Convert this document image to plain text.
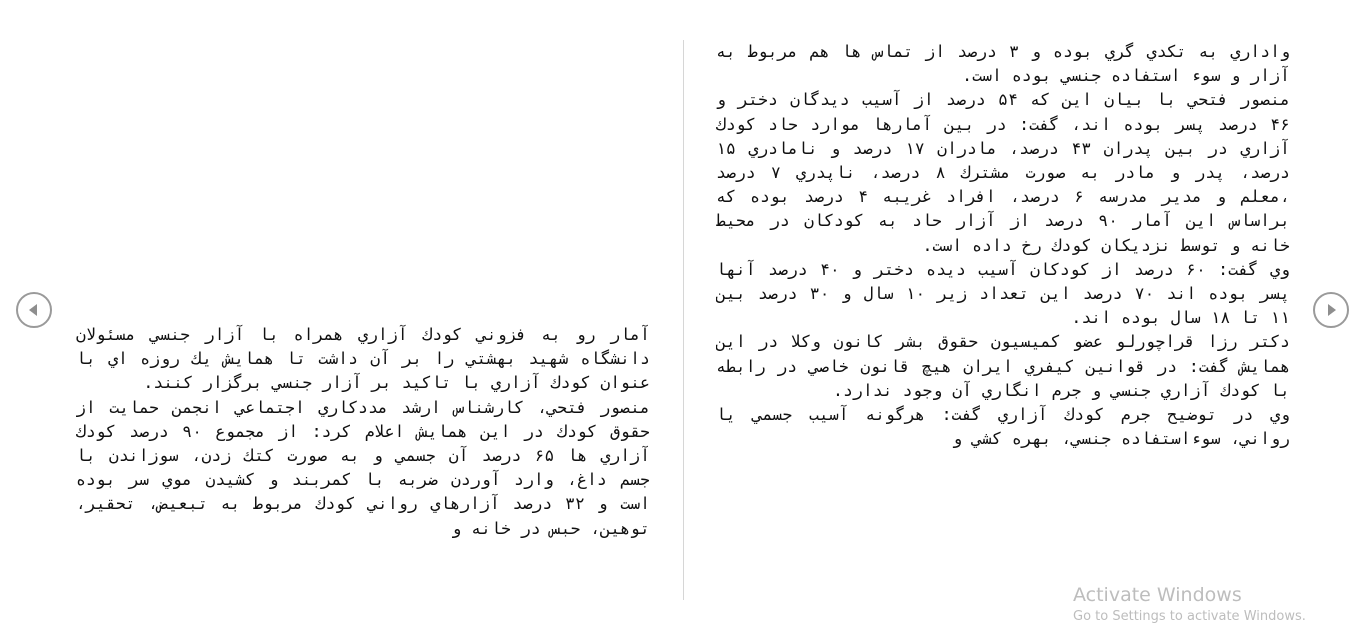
آمار رو به فزوني كودك آزاري همراه با آزار جنسي مسئولان دانشگاه شهيد بهشتي را بر آن داشت تا همايش يك روزه اي با عنوان كودك آزاري با تاكيد بر آزار جنسي برگزار كنند.

منصور فتحي، كارشناس ارشد مددكاري اجتماعي انجمن حمايت از حقوق كودك در اين همايش اعلام كرد: از مجموع ۹۰ درصد كودك آزاري ها ۶۵ درصد آن جسمي و به صورت كتك زدن، سوزاندن با جسم داغ، وارد آوردن ضربه با كمربند و كشيدن موي سر بوده است و ۳۲ درصد آزارهاي رواني كودك مربوط به تبعيض، تحقير، توهين، حبس در خانه و

واداري به تكدي گري بوده و ۳ درصد از تماس ها هم مربوط به آزار و سوء استفاده جنسي بوده است.

منصور فتحي با بيان اين كه ۵۴ درصد از آسيب ديدگان دختر و ۴۶ درصد پسر بوده اند، گفت: در بين آمارها موارد حاد كودك آزاري در بين پدران ۴۳ درصد، مادران ۱۷ درصد و نامادري ۱۵ درصد، پدر و مادر به صورت مشترك ۸ درصد، ناپدري ۷ درصد ،معلم و مدير مدرسه ۶ درصد، افراد غريبه ۴ درصد بوده كه براساس اين آمار ۹۰ درصد از آزار حاد به كودكان در محيط خانه و توسط نزديكان كودك رخ داده است.

وي گفت: ۶۰ درصد از كودكان آسيب ديده دختر و ۴۰ درصد آنها پسر بوده اند ۷۰ درصد اين تعداد زير ۱۰ سال و ۳۰ درصد بين ۱۱ تا ۱۸ سال بوده اند.

دكتر رزا قراچورلو عضو كميسيون حقوق بشر كانون وكلا در اين همايش گفت: در قوانين كيفري ايران هيچ قانون خاصي در رابطه با كودك آزاري جنسي و جرم انگاري آن وجود ندارد.

وي در توضيح جرم كودك آزاري گفت: هرگونه آسيب جسمي يا رواني، سوءاستفاده جنسي، بهره كشي و

Activate Windows
Go to Settings to activate Windows.
